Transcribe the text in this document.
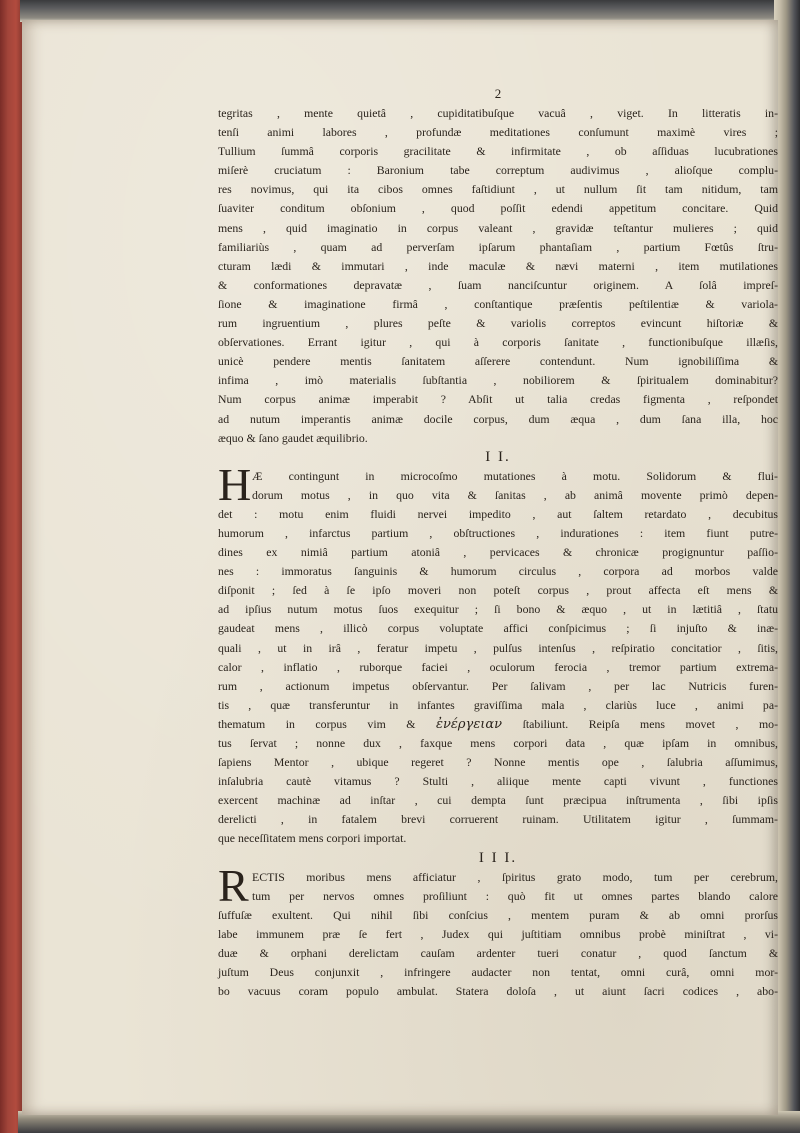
2
tegritas , mente quietâ , cupiditatibuſque vacuâ , viget. In litteratis in-
tenſi animi labores , profundæ meditationes conſumunt maximè vires ;
Tullium ſummâ corporis gracilitate & infirmitate , ob aſſiduas lucubrationes
miſerè cruciatum : Baronium tabe correptum audivimus , alioſque complu-
res novimus, qui ita cibos omnes faſtidiunt , ut nullum ſit tam nitidum, tam
ſuaviter conditum obſonium , quod poſſit edendi appetitum concitare. Quid
mens , quid imaginatio in corpus valeant , gravidæ teſtantur mulieres ; quid
familiariùs , quam ad perverſam ipſarum phantaſiam , partium Fœtûs ſtru-
cturam lædi & immutari , inde maculæ & nævi materni , item mutilationes
& conformationes depravatæ , ſuam nanciſcuntur originem. A ſolâ impreſ-
ſione & imaginatione firmâ , conſtantique præſentis peſtilentiæ & variola-
rum ingruentium , plures peſte & variolis correptos evincunt hiſtoriæ &
obſervationes. Errant igitur , qui à corporis ſanitate , functionibuſque illæſis,
unicè pendere mentis ſanitatem aſſerere contendunt. Num ignobiliſſima &
infima , imò materialis ſubſtantia , nobiliorem & ſpiritualem dominabitur?
Num corpus animæ imperabit ? Abſit ut talia credas figmenta , reſpondet
ad nutum imperantis animæ docile corpus, dum æqua , dum ſana illa, hoc
æquo & ſano gaudet æquilibrio.
I I.
H Æ contingunt in microcoſmo mutationes à motu. Solidorum & flui-
dorum motus , in quo vita & ſanitas , ab animâ movente primò depen-
det : motu enim fluidi nervei impedito , aut ſaltem retardato , decubitus
humorum , infarctus partium , obſtructiones , indurationes : item fiunt putre-
dines ex nimiâ partium atoniâ , pervicaces & chronicæ progignuntur paſſio-
nes : immoratus ſanguinis & humorum circulus , corpora ad morbos valde
diſponit ; ſed à ſe ipſo moveri non poteſt corpus , prout affecta eſt mens &
ad ipſius nutum motus ſuos exequitur ; ſi bono & æquo , ut in lætitiâ , ſtatu
gaudeat mens , illicò corpus voluptate affici conſpicimus ; ſi injuſto & inæ-
quali , ut in irâ , feratur impetu , pulſus intenſus , reſpiratio concitatior , ſitis,
calor , inflatio , ruborque faciei , oculorum ferocia , tremor partium extrema-
rum , actionum impetus obſervantur. Per ſalivam , per lac Nutricis furen-
tis , quæ transferuntur in infantes graviſſima mala , clariùs luce , animi pa-
thematum in corpus vim & ἐνέργειαν ſtabiliunt. Reipſa mens movet , mo-
tus ſervat ; nonne dux , faxque mens corpori data , quæ ipſam in omnibus,
ſapiens Mentor , ubique regeret ? Nonne mentis ope , ſalubria aſſumimus,
inſalubria cautè vitamus ? Stulti , aliique mente capti vivunt , functiones
exercent machinæ ad inſtar , cui dempta ſunt præcipua inſtrumenta , ſibi ipſis
derelicti , in fatalem brevi corruerent ruinam. Utilitatem igitur , ſummam-
que neceſſitatem mens corpori importat.
I I I.
R ECTIS moribus mens afficiatur , ſpiritus grato modo, tum per cerebrum,
tum per nervos omnes proſiliunt : quò fit ut omnes partes blando calore
ſuffuſæ exultent. Qui nihil ſibi conſcius , mentem puram & ab omni prorſus
labe immunem præ ſe fert , Judex qui juſtitiam omnibus probè miniſtrat , vi-
duæ & orphani derelictam cauſam ardenter tueri conatur , quod ſanctum &
juſtum Deus conjunxit , infringere audacter non tentat, omni curâ, omni mor-
bo vacuus coram populo ambulat. Statera doloſa , ut aiunt ſacri codices , abo-
